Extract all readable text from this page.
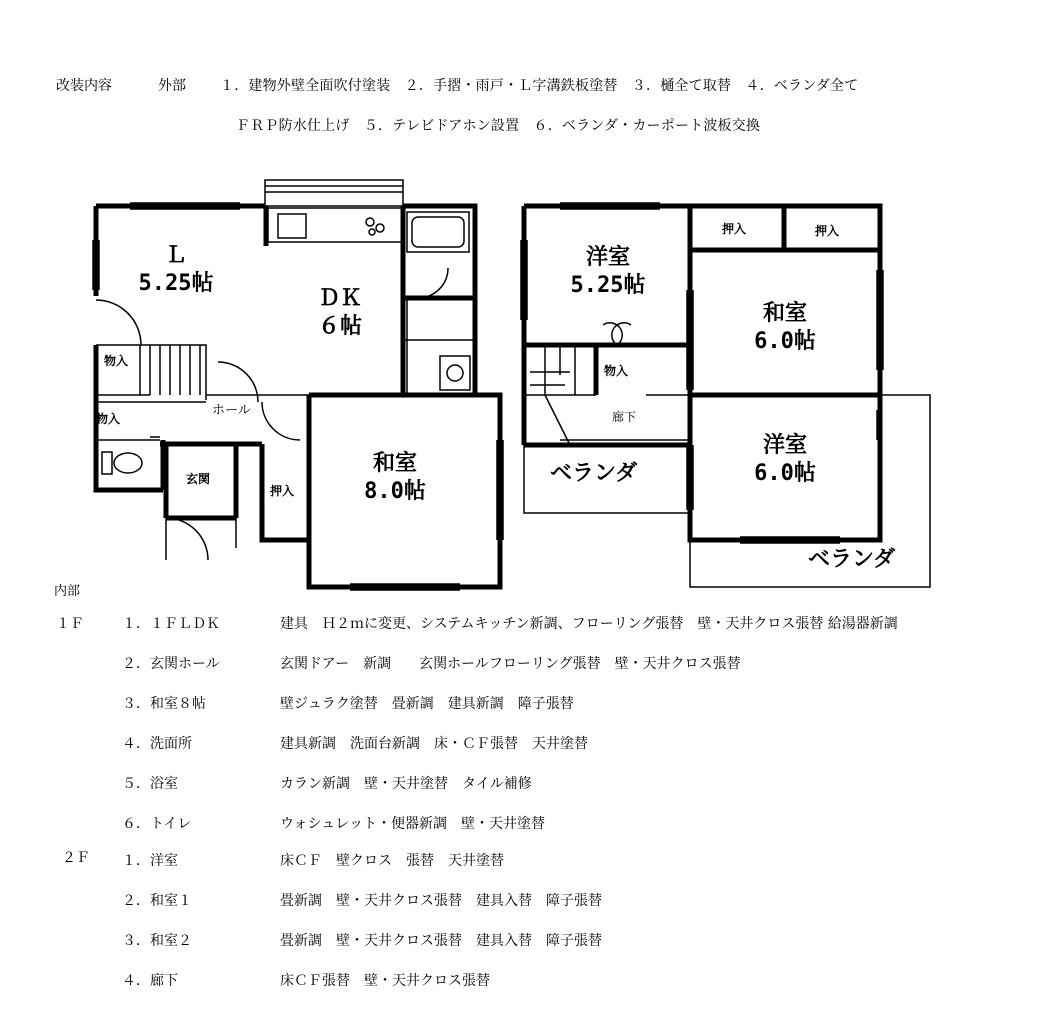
改装内容	外部 １．建物外壁全面吹付塗装　２．手摺・雨戸・Ｌ字溝鉄板塗替　３．樋全て取替　４．ベランダ全て
ＦＲＰ防水仕上げ　５．テレビドアホン設置　６．ベランダ・カーポート波板交換
Ｌ
5.25帖
ＤＫ
６帖
和室
8.0帖
物入
物入
ホール
玄関
押入
洋室
5.25帖
和室
6.0帖
洋室
6.0帖
押入	押入
物入
廊下
ベランダ
ベランダ
内部
１Ｆ	１．１ＦＬＤＫ	建具　Ｈ２ｍに変更、システムキッチン新調、フローリング張替　壁・天井クロス張替 給湯器新調
２．玄関ホール	玄関ドアー　新調　　玄関ホールフローリング張替　壁・天井クロス張替
３．和室８帖	壁ジュラク塗替　畳新調　建具新調　障子張替
４．洗面所	建具新調　洗面台新調　床・ＣＦ張替　天井塗替
５．浴室	カラン新調　壁・天井塗替　タイル補修
６．トイレ	ウォシュレット・便器新調　壁・天井塗替
２Ｆ １．洋室	床ＣＦ　壁クロス　張替　天井塗替
２．和室１	畳新調　壁・天井クロス張替　建具入替　障子張替
３．和室２	畳新調　壁・天井クロス張替　建具入替　障子張替
４．廊下	床ＣＦ張替　壁・天井クロス張替
